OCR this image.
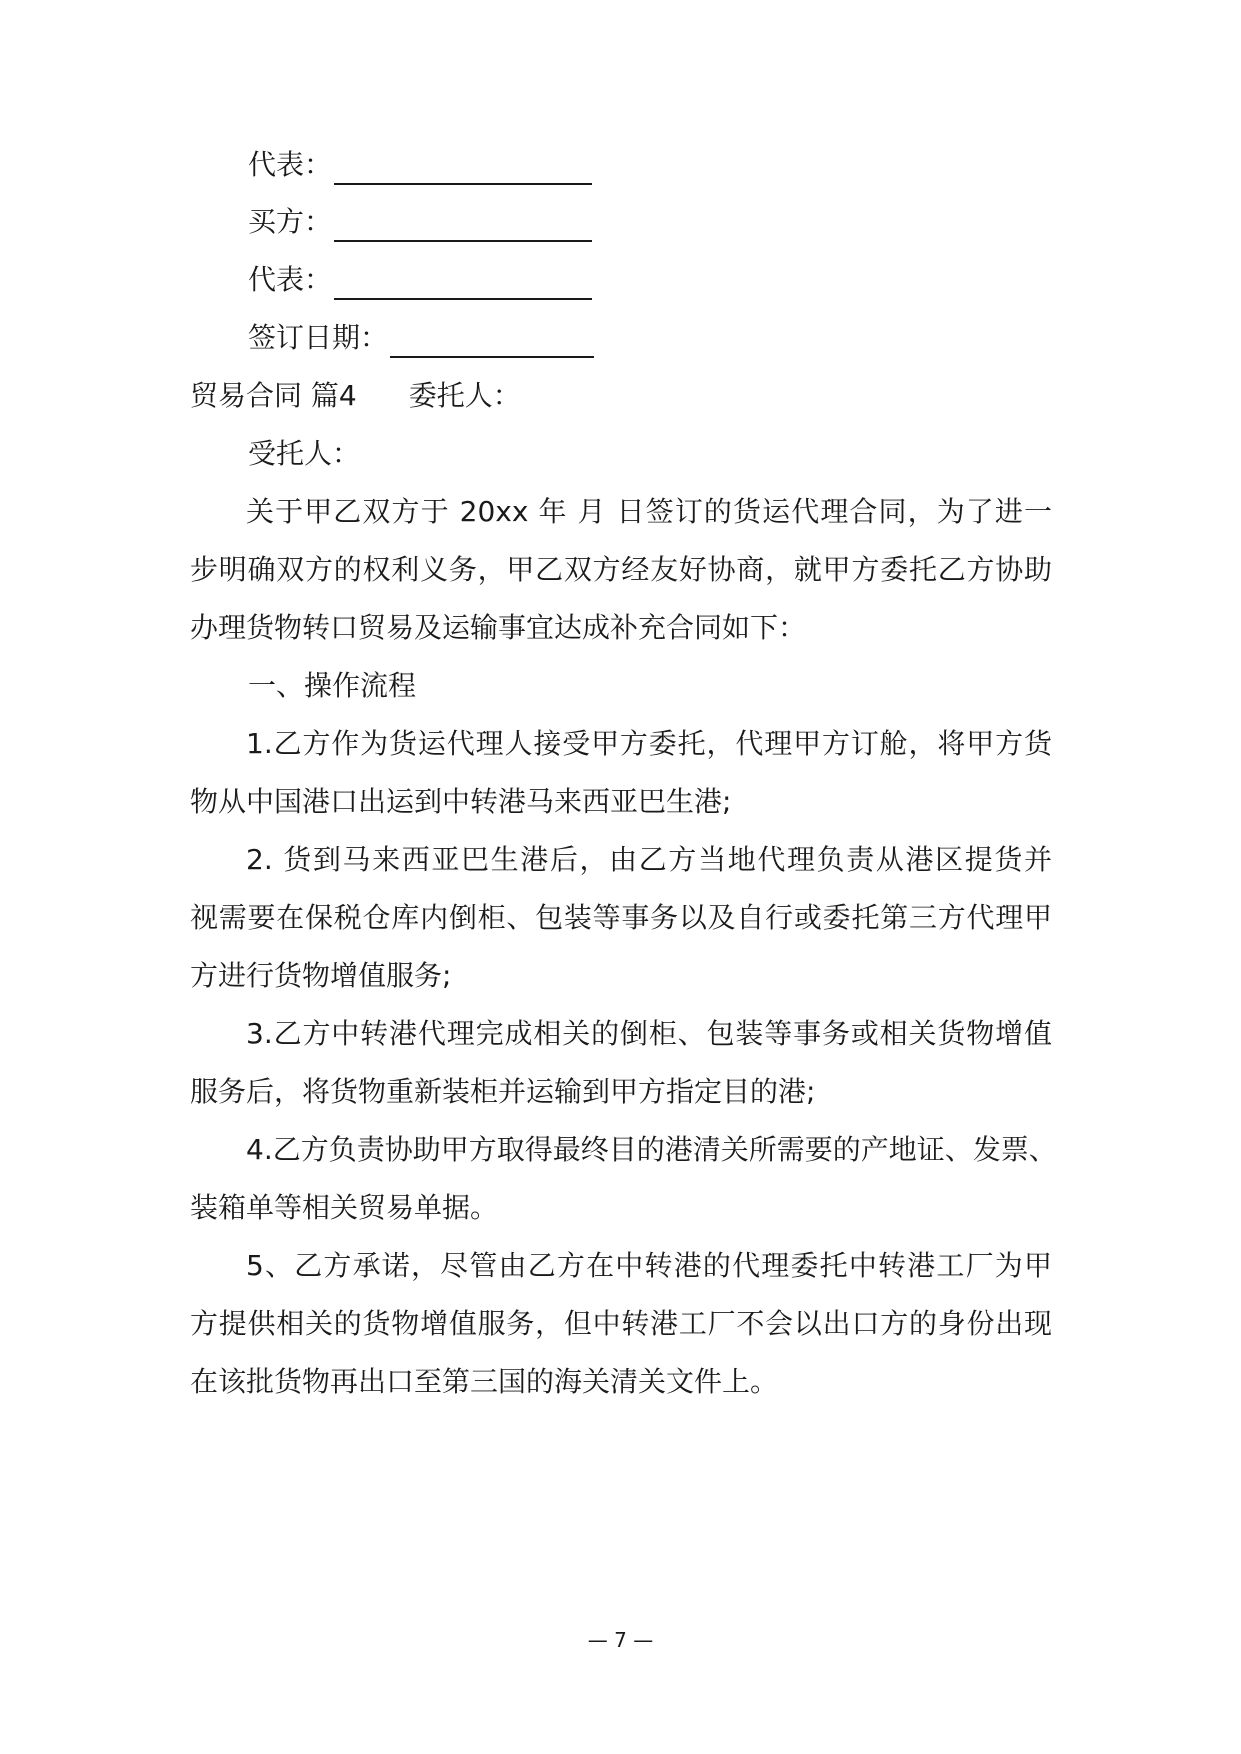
代表：
买方：
代表：
签订日期：
贸易合同 篇4 委托人：
受托人：
关于甲乙双方于 20xx 年 月 日签订的货运代理合同，为了进一
步明确双方的权利义务，甲乙双方经友好协商，就甲方委托乙方协助
办理货物转口贸易及运输事宜达成补充合同如下：
一、操作流程
1.乙方作为货运代理人接受甲方委托，代理甲方订舱，将甲方货
物从中国港口出运到中转港马来西亚巴生港;
2. 货到马来西亚巴生港后，由乙方当地代理负责从港区提货并
视需要在保税仓库内倒柜、包装等事务以及自行或委托第三方代理甲
方进行货物增值服务;
3.乙方中转港代理完成相关的倒柜、包装等事务或相关货物增值
服务后，将货物重新装柜并运输到甲方指定目的港;
4.乙方负责协助甲方取得最终目的港清关所需要的产地证、发票、
装箱单等相关贸易单据。
5、乙方承诺，尽管由乙方在中转港的代理委托中转港工厂为甲
方提供相关的货物增值服务，但中转港工厂不会以出口方的身份出现
在该批货物再出口至第三国的海关清关文件上。
— 7 —
